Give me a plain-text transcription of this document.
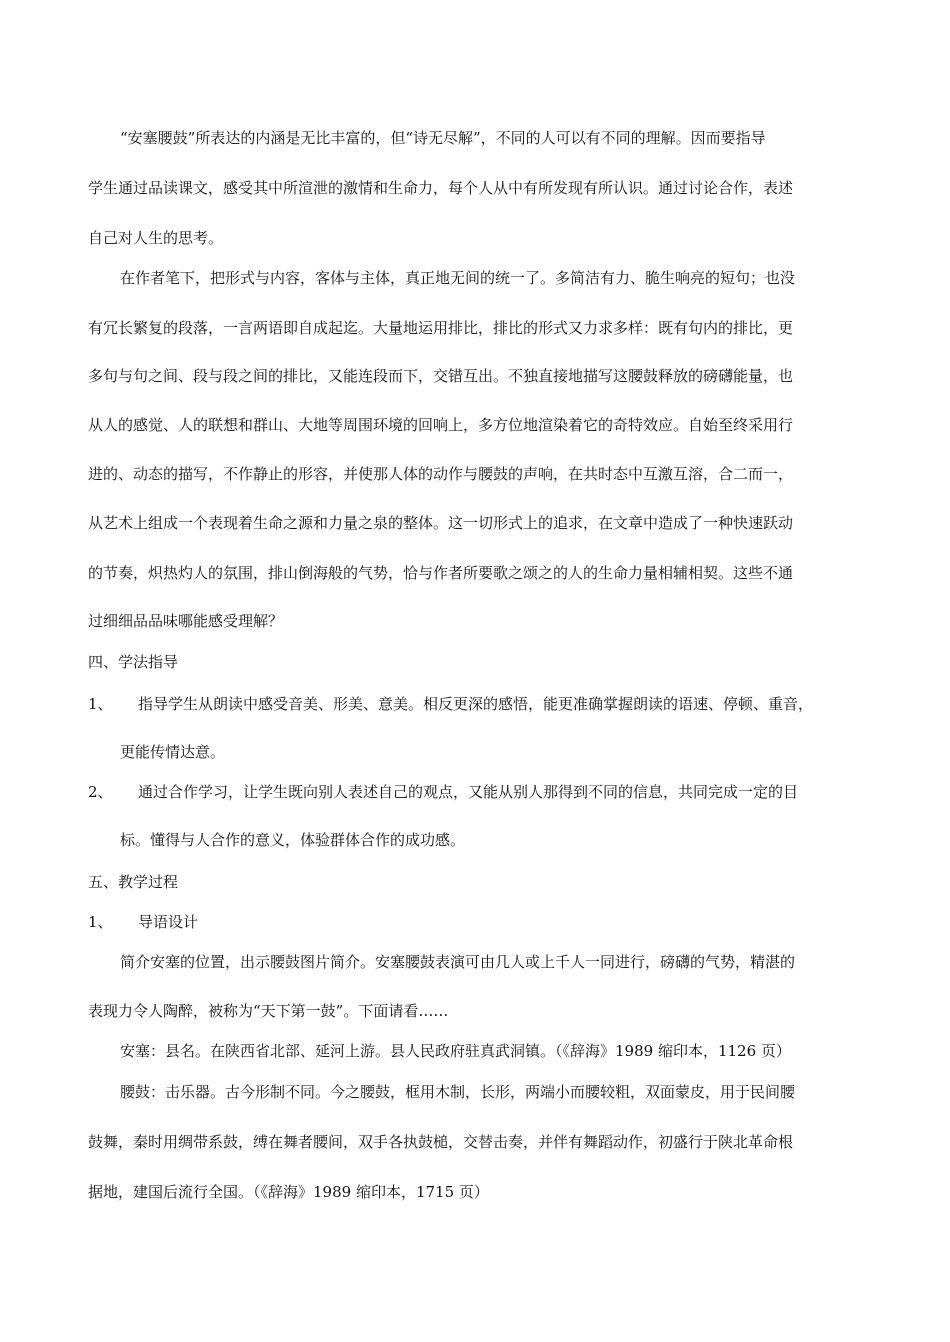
“安塞腰鼓”所表达的内涵是无比丰富的，但“诗无尽解”，不同的人可以有不同的理解。因而要指导
学生通过品读课文，感受其中所渲泄的激情和生命力，每个人从中有所发现有所认识。通过讨论合作，表述
自己对人生的思考。
在作者笔下，把形式与内容，客体与主体，真正地无间的统一了。多简洁有力、脆生响亮的短句；也没
有冗长繁复的段落，一言两语即自成起迄。大量地运用排比，排比的形式又力求多样：既有句内的排比，更
多句与句之间、段与段之间的排比，又能连段而下，交错互出。不独直接地描写这腰鼓释放的磅礴能量，也
从人的感觉、人的联想和群山、大地等周围环境的回响上，多方位地渲染着它的奇特效应。自始至终采用行
进的、动态的描写，不作静止的形容，并使那人体的动作与腰鼓的声响，在共时态中互激互溶，合二而一，
从艺术上组成一个表现着生命之源和力量之泉的整体。这一切形式上的追求，在文章中造成了一种快速跃动
的节奏，炽热灼人的氛围，排山倒海般的气势，恰与作者所要歌之颂之的人的生命力量相辅相契。这些不通
过细细品品味哪能感受理解？
四、学法指导
1、 指导学生从朗读中感受音美、形美、意美。相反更深的感悟，能更准确掌握朗读的语速、停顿、重音，
更能传情达意。
2、 通过合作学习，让学生既向别人表述自己的观点，又能从别人那得到不同的信息，共同完成一定的目
标。懂得与人合作的意义，体验群体合作的成功感。
五、教学过程
1、 导语设计
简介安塞的位置，出示腰鼓图片简介。安塞腰鼓表演可由几人或上千人一同进行，磅礴的气势，精湛的
表现力令人陶醉，被称为“天下第一鼓”。下面请看……
安塞：县名。在陕西省北部、延河上游。县人民政府驻真武洞镇。（《辞海》1989 缩印本，1126 页）
腰鼓：击乐器。古今形制不同。今之腰鼓，框用木制，长形，两端小而腰较粗，双面蒙皮，用于民间腰
鼓舞，秦时用绸带系鼓，缚在舞者腰间，双手各执鼓槌，交替击奏，并伴有舞蹈动作，初盛行于陕北革命根
据地，建国后流行全国。（《辞海》1989 缩印本，1715 页）
